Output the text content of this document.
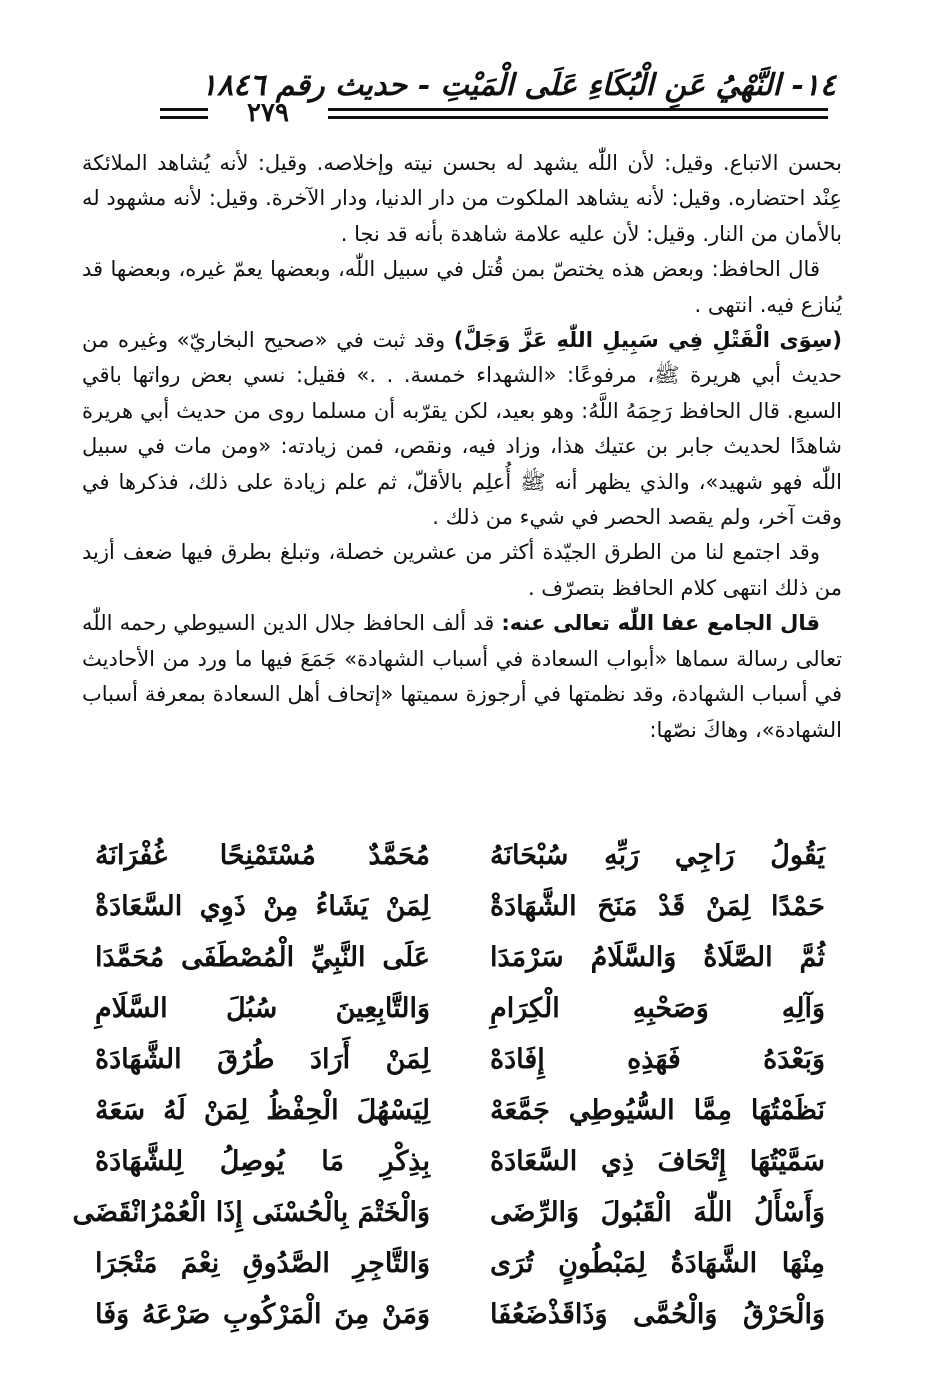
١٤- النَّهْيُ عَنِ الْبُكَاءِ عَلَى الْمَيْتِ - حديث رقم ١٨٤٦
٢٧٩

بحسن الاتباع. وقيل: لأن اللّٰه يشهد له بحسن نيته وإخلاصه. وقيل: لأنه يُشاهد الملائكة عِنْد احتضاره. وقيل: لأنه يشاهد الملكوت من دار الدنيا، ودار الآخرة. وقيل: لأنه مشهود له بالأمان من النار. وقيل: لأن عليه علامة شاهدة بأنه قد نجا .

قال الحافظ: وبعض هذه يختصّ بمن قُتل في سبيل اللّٰه، وبعضها يعمّ غيره، وبعضها قد يُنازع فيه. انتهى .

(سِوَى الْقَتْلِ فِي سَبِيلِ اللّٰهِ عَزَّ وَجَلَّ) وقد ثبت في «صحيح البخاريّ» وغيره من حديث أبي هريرة ﷺ، مرفوعًا: «الشهداء خمسة. . .» فقيل: نسي بعض رواتها باقي السبع. قال الحافظ رَحِمَهُ اللَّهُ: وهو بعيد، لكن يقرّبه أن مسلما روى من حديث أبي هريرة شاهدًا لحديث جابر بن عتيك هذا، وزاد فيه، ونقص، فمن زيادته: «ومن مات في سبيل اللّٰه فهو شهيد»، والذي يظهر أنه ﷺ أُعلِم بالأقلّ، ثم علم زيادة على ذلك، فذكرها في وقت آخر، ولم يقصد الحصر في شيء من ذلك .

وقد اجتمع لنا من الطرق الجيّدة أكثر من عشرين خصلة، وتبلغ بطرق فيها ضعف أزيد من ذلك انتهى كلام الحافظ بتصرّف .

قال الجامع عفا اللّٰه تعالى عنه: قد ألف الحافظ جلال الدين السيوطي رحمه اللّٰه تعالى رسالة سماها «أبواب السعادة في أسباب الشهادة» جَمَعَ فيها ما ورد من الأحاديث في أسباب الشهادة، وقد نظمتها في أرجوزة سميتها «إتحاف أهل السعادة بمعرفة أسباب الشهادة»، وهاكَ نصّها:

يَقُولُ رَاجِي رَبِّهِ سُبْحَانَهُ
مُحَمَّدٌ مُسْتَمْنِحًا غُفْرَانَهُ
حَمْدًا لِمَنْ قَدْ مَنَحَ الشَّهَادَةْ
لِمَنْ يَشَاءُ مِنْ ذَوِي السَّعَادَةْ
ثُمَّ الصَّلَاةُ وَالسَّلَامُ سَرْمَدَا
عَلَى النَّبِيِّ الْمُصْطَفَى مُحَمَّدَا
وَآلِهِ وَصَحْبِهِ الْكِرَامِ
وَالتَّابِعِينَ سُبُلَ السَّلَامِ
وَبَعْدَهُ فَهَذِهِ إِفَادَهْ
لِمَنْ أَرَادَ طُرُقَ الشَّهَادَهْ
نَظَمْتُهَا مِمَّا السُّيُوطِي جَمَّعَهْ
لِيَسْهُلَ الْحِفْظُ لِمَنْ لَهُ سَعَهْ
سَمَّيْتُهَا إِتْحَافَ ذِي السَّعَادَهْ
بِذِكْرِ مَا يُوصِلُ لِلشَّهَادَهْ
وَأَسْأَلُ اللّٰهَ الْقَبُولَ وَالرِّضَى
وَالْخَتْمَ بِالْحُسْنَى إِذَا الْعُمْرُانْقَضَى
مِنْهَا الشَّهَادَةُ لِمَبْطُونٍ تُرَى
وَالتَّاجِرِ الصَّدُوقِ نِعْمَ مَتْجَرَا
وَالْحَرْقُ وَالْحُمَّى وَذَاقَذْضَعُفَا
وَمَنْ مِنَ الْمَرْكُوبِ صَرْعَهُ وَفَا
